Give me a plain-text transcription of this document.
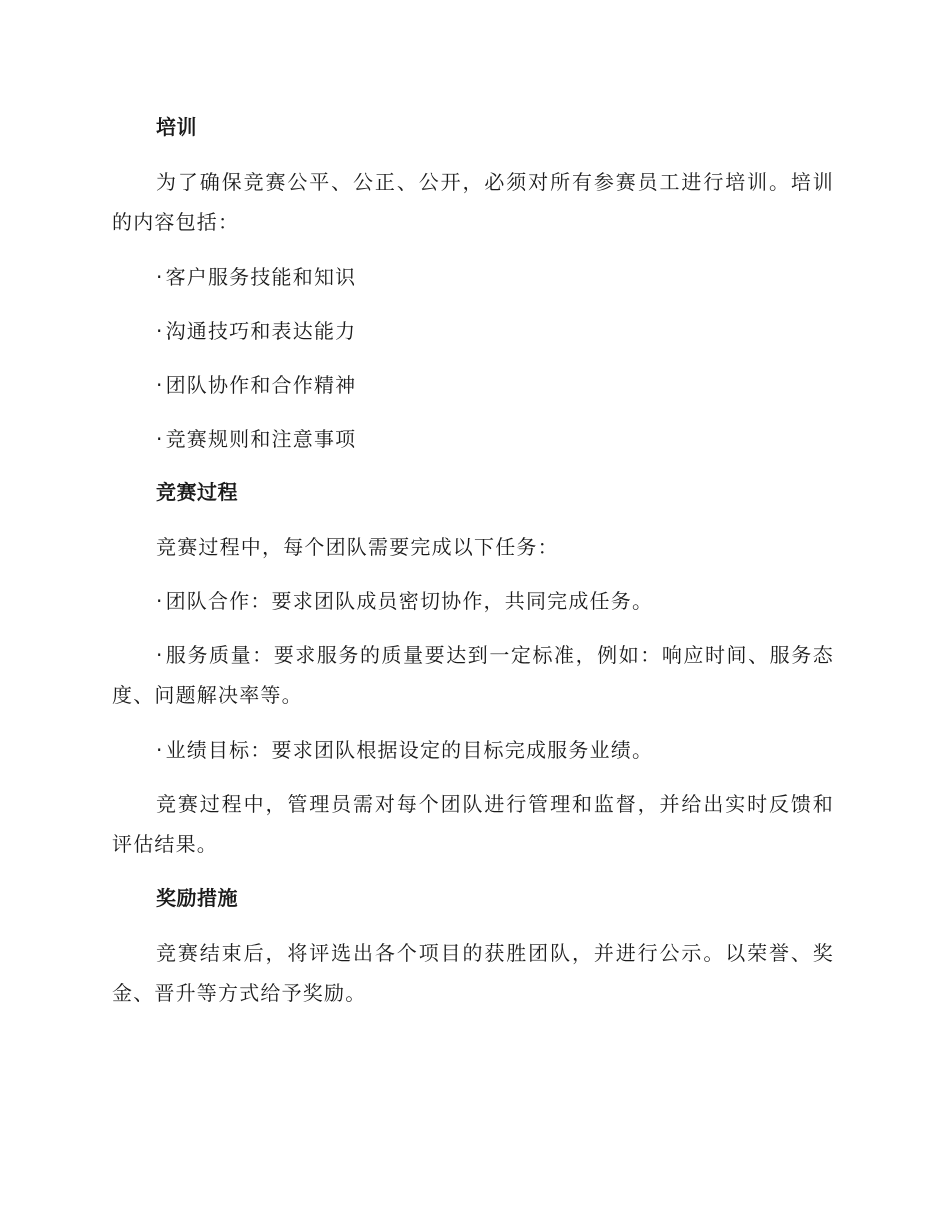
培训
为了确保竞赛公平、公正、公开，必须对所有参赛员工进行培训。培训的内容包括：
· 客户服务技能和知识
· 沟通技巧和表达能力
· 团队协作和合作精神
· 竞赛规则和注意事项
竞赛过程
竞赛过程中，每个团队需要完成以下任务：
· 团队合作：要求团队成员密切协作，共同完成任务。
· 服务质量：要求服务的质量要达到一定标准，例如：响应时间、服务态度、问题解决率等。
· 业绩目标：要求团队根据设定的目标完成服务业绩。
竞赛过程中，管理员需对每个团队进行管理和监督，并给出实时反馈和评估结果。
奖励措施
竞赛结束后，将评选出各个项目的获胜团队，并进行公示。以荣誉、奖金、晋升等方式给予奖励。
